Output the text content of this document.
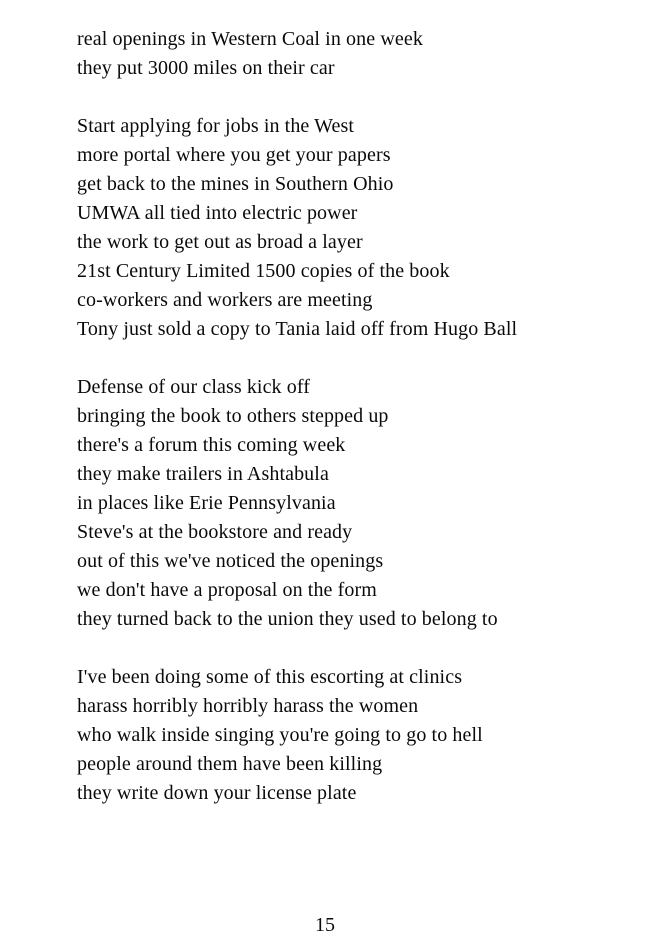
real openings in Western Coal in one week
they put 3000 miles on their car
Start applying for jobs in the West
more portal where you get your papers
get back to the mines in Southern Ohio
UMWA all tied into electric power
the work to get out as broad a layer
21st Century Limited 1500 copies of the book
co-workers and workers are meeting
Tony just sold a copy to Tania laid off from Hugo Ball
Defense of our class kick off
bringing the book to others stepped up
there's a forum this coming week
they make trailers in Ashtabula
in places like Erie Pennsylvania
Steve's at the bookstore and ready
out of this we've noticed the openings
we don't have a proposal on the form
they turned back to the union they used to belong to
I've been doing some of this escorting at clinics
harass horribly horribly harass the women
who walk inside singing you're going to go to hell
people around them have been killing
they write down your license plate
15
